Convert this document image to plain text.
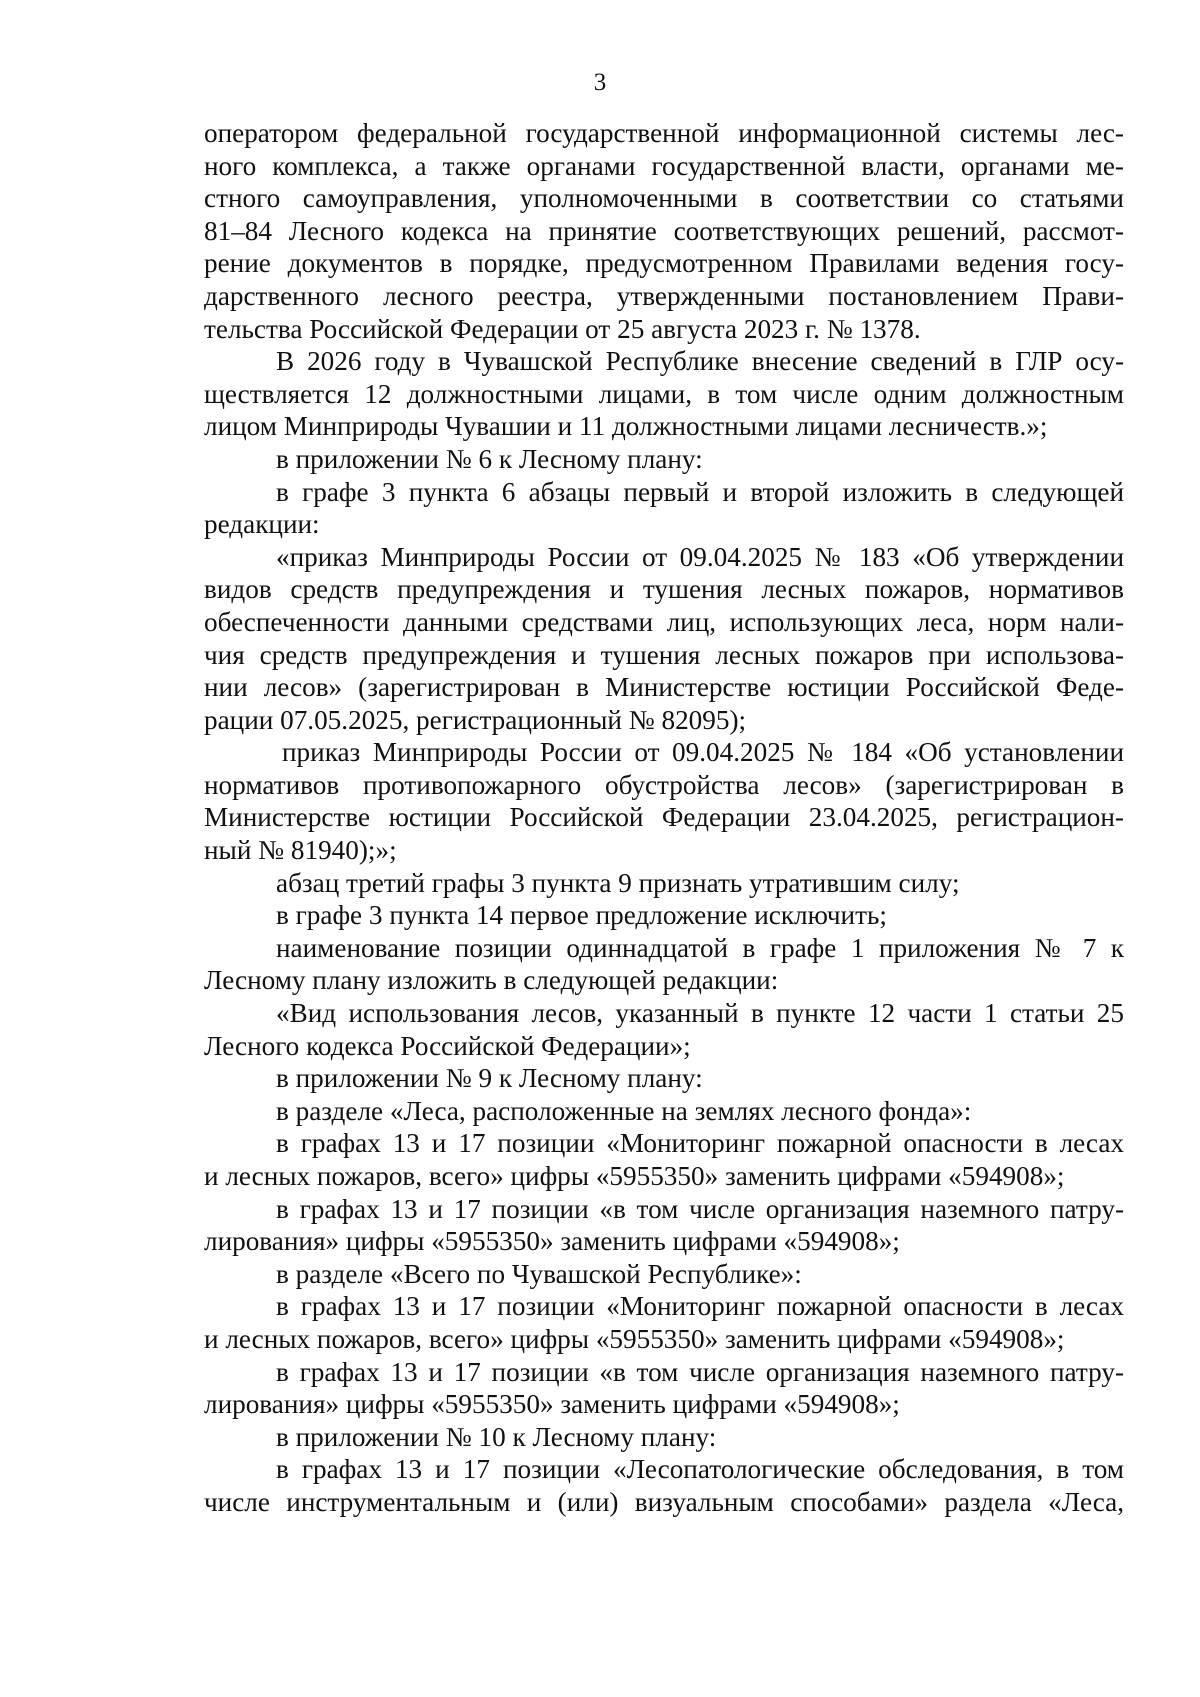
3

оператором федеральной государственной информационной системы лес-

ного комплекса, а также органами государственной власти, органами ме-

стного самоуправления, уполномоченными в соответствии со статьями

81–84 Лесного кодекса на принятие соответствующих решений, рассмот-

рение документов в порядке, предусмотренном Правилами ведения госу-

дарственного лесного реестра, утвержденными постановлением Прави-

тельства Российской Федерации от 25 августа 2023 г. № 1378.

В 2026 году в Чувашской Республике внесение сведений в ГЛР осу-

ществляется 12 должностными лицами, в том числе одним должностным

лицом Минприроды Чувашии и 11 должностными лицами лесничеств.»;

в приложении № 6 к Лесному плану:

в графе 3 пункта 6 абзацы первый и второй изложить в следующей

редакции:

«приказ Минприроды России от 09.04.2025 № 183 «Об утверждении

видов средств предупреждения и тушения лесных пожаров, нормативов

обеспеченности данными средствами лиц, использующих леса, норм нали-

чия средств предупреждения и тушения лесных пожаров при использова-

нии лесов» (зарегистрирован в Министерстве юстиции Российской Феде-

рации 07.05.2025, регистрационный № 82095);

приказ Минприроды России от 09.04.2025 № 184 «Об установлении

нормативов противопожарного обустройства лесов» (зарегистрирован в

Министерстве юстиции Российской Федерации 23.04.2025, регистрацион-

ный № 81940);»;

абзац третий графы 3 пункта 9 признать утратившим силу;

в графе 3 пункта 14 первое предложение исключить;

наименование позиции одиннадцатой в графе 1 приложения № 7 к

Лесному плану изложить в следующей редакции:

«Вид использования лесов, указанный в пункте 12 части 1 статьи 25

Лесного кодекса Российской Федерации»;

в приложении № 9 к Лесному плану:

в разделе «Леса, расположенные на землях лесного фонда»:

в графах 13 и 17 позиции «Мониторинг пожарной опасности в лесах

и лесных пожаров, всего» цифры «5955350» заменить цифрами «594908»;

в графах 13 и 17 позиции «в том числе организация наземного патру-

лирования» цифры «5955350» заменить цифрами «594908»;

в разделе «Всего по Чувашской Республике»:

в графах 13 и 17 позиции «Мониторинг пожарной опасности в лесах

и лесных пожаров, всего» цифры «5955350» заменить цифрами «594908»;

в графах 13 и 17 позиции «в том числе организация наземного патру-

лирования» цифры «5955350» заменить цифрами «594908»;

в приложении № 10 к Лесному плану:

в графах 13 и 17 позиции «Лесопатологические обследования, в том

числе инструментальным и (или) визуальным способами» раздела «Леса,
